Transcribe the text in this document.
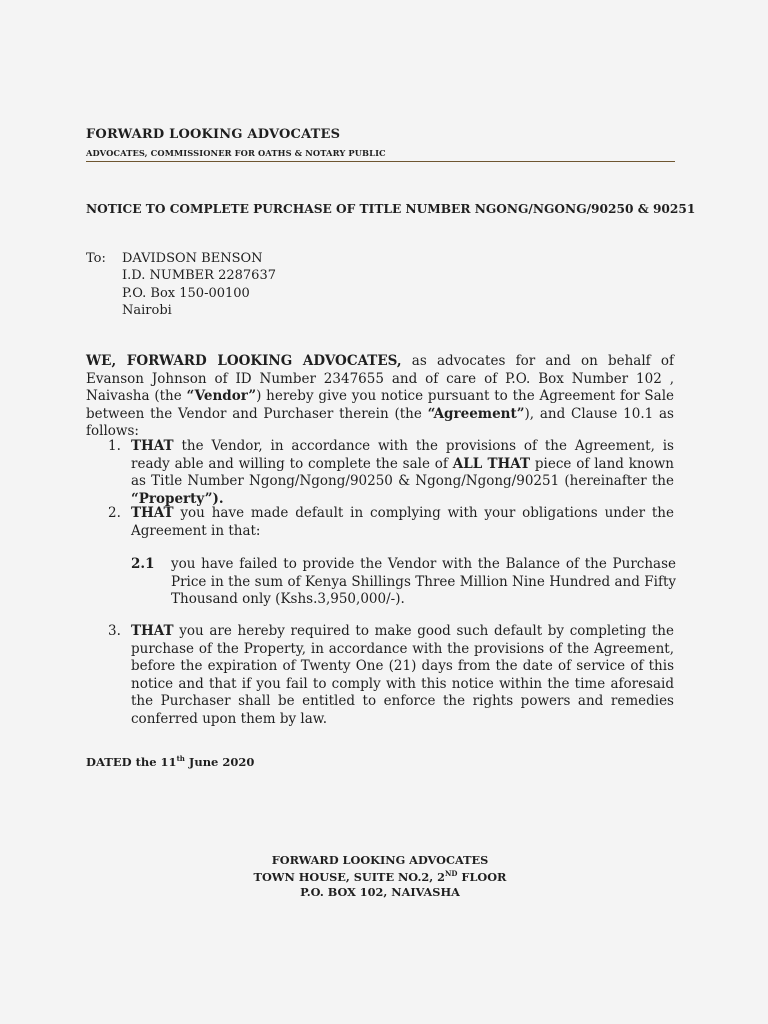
FORWARD LOOKING ADVOCATES
ADVOCATES, COMMISSIONER FOR OATHS & NOTARY PUBLIC
NOTICE TO COMPLETE PURCHASE OF TITLE NUMBER NGONG/NGONG/90250 & 90251
To: DAVIDSON BENSON
I.D. NUMBER 2287637
P.O. Box 150-00100
Nairobi
WE, FORWARD LOOKING ADVOCATES, as advocates for and on behalf of Evanson Johnson of ID Number 2347655 and of care of P.O. Box Number 102 , Naivasha (the “Vendor”) hereby give you notice pursuant to the Agreement for Sale between the Vendor and Purchaser therein (the “Agreement”), and Clause 10.1 as follows:
1. THAT the Vendor, in accordance with the provisions of the Agreement, is ready able and willing to complete the sale of ALL THAT piece of land known as Title Number Ngong/Ngong/90250 & Ngong/Ngong/90251 (hereinafter the “Property”).
2. THAT you have made default in complying with your obligations under the Agreement in that:
2.1 you have failed to provide the Vendor with the Balance of the Purchase Price in the sum of Kenya Shillings Three Million Nine Hundred and Fifty Thousand only (Kshs.3,950,000/-).
3. THAT you are hereby required to make good such default by completing the purchase of the Property, in accordance with the provisions of the Agreement, before the expiration of Twenty One (21) days from the date of service of this notice and that if you fail to comply with this notice within the time aforesaid the Purchaser shall be entitled to enforce the rights powers and remedies conferred upon them by law.
DATED the 11th June 2020
FORWARD LOOKING ADVOCATES
TOWN HOUSE, SUITE NO.2, 2ND FLOOR
P.O. BOX 102, NAIVASHA
